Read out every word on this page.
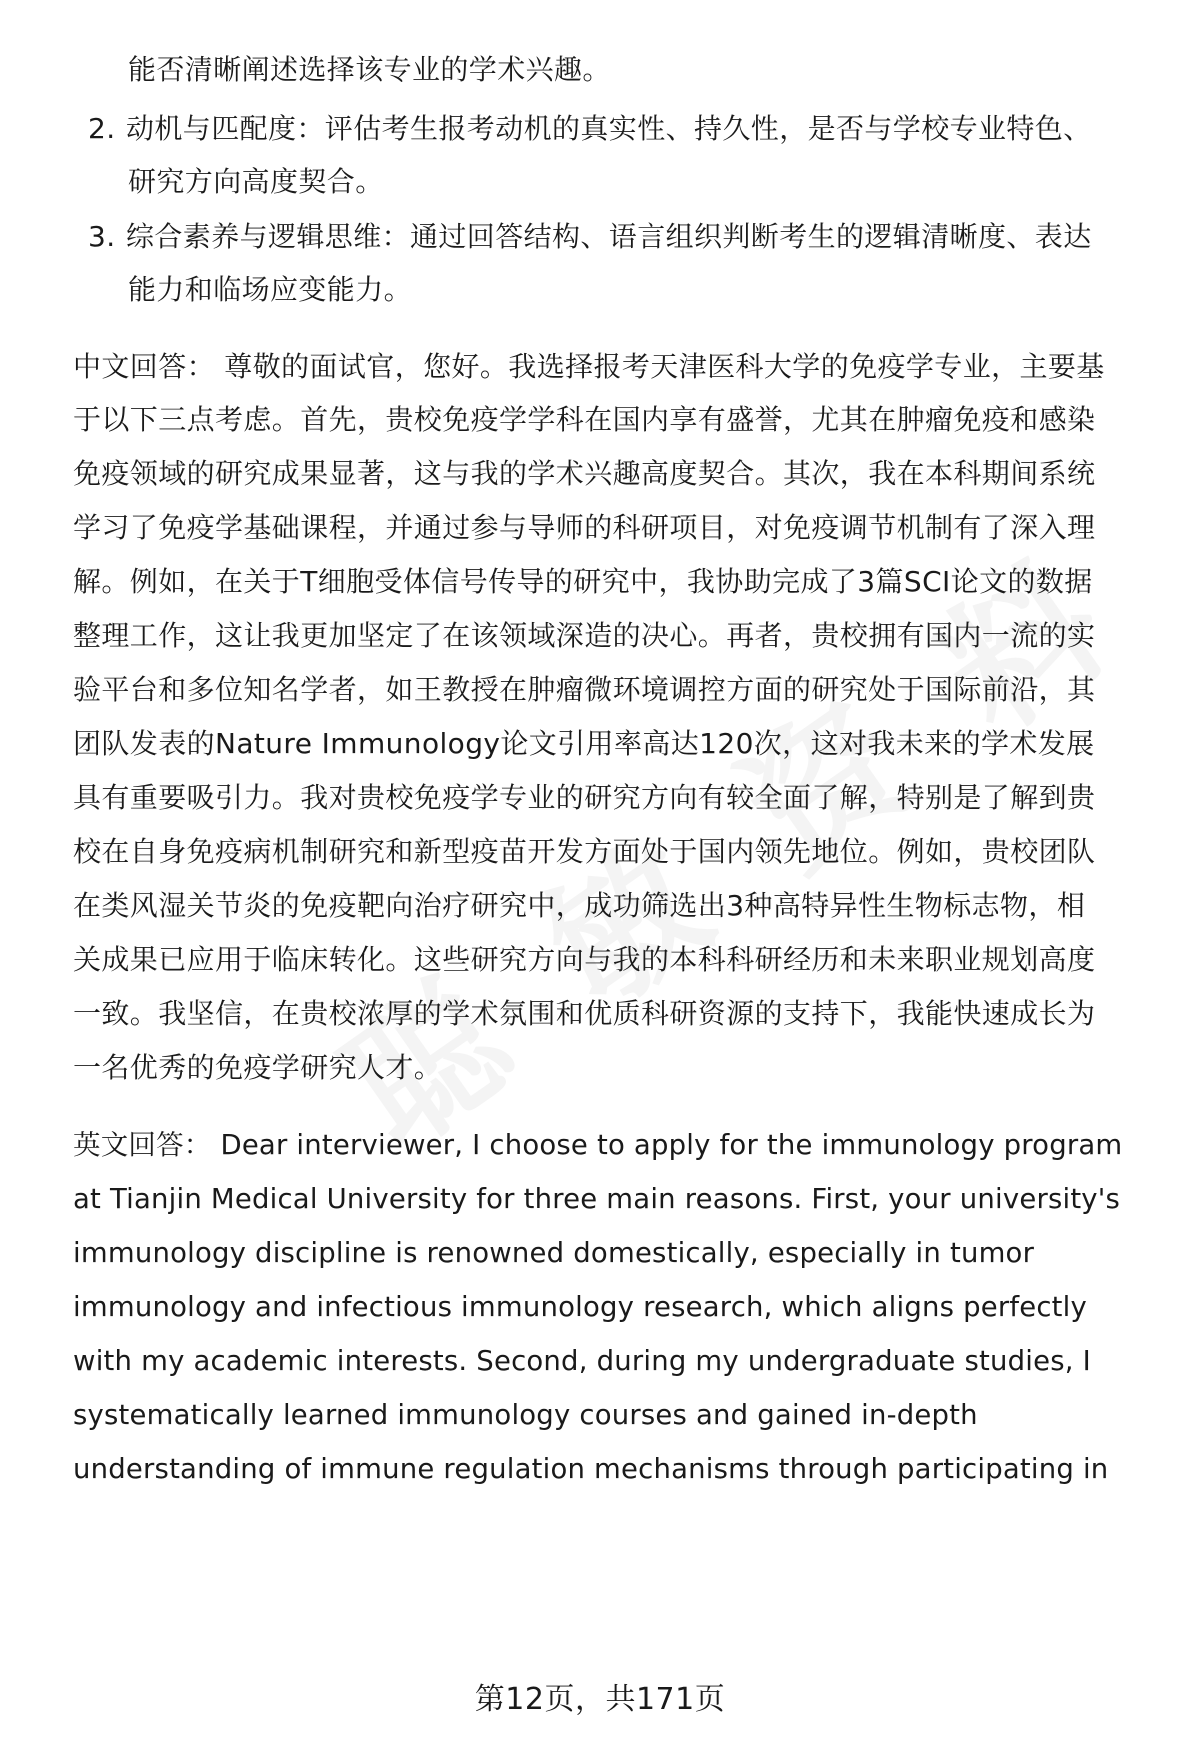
能否清晰阐述选择该专业的学术兴趣。
2. 动机与匹配度：评估考生报考动机的真实性、持久性，是否与学校专业特色、
研究方向高度契合。
3. 综合素养与逻辑思维：通过回答结构、语言组织判断考生的逻辑清晰度、表达
能力和临场应变能力。
中文回答： 尊敬的面试官，您好。我选择报考天津医科大学的免疫学专业，主要基
于以下三点考虑。首先，贵校免疫学学科在国内享有盛誉，尤其在肿瘤免疫和感染
免疫领域的研究成果显著，这与我的学术兴趣高度契合。其次，我在本科期间系统
学习了免疫学基础课程，并通过参与导师的科研项目，对免疫调节机制有了深入理
解。例如，在关于T细胞受体信号传导的研究中，我协助完成了3篇SCI论文的数据
整理工作，这让我更加坚定了在该领域深造的决心。再者，贵校拥有国内一流的实
验平台和多位知名学者，如王教授在肿瘤微环境调控方面的研究处于国际前沿，其
团队发表的Nature Immunology论文引用率高达120次，这对我未来的学术发展
具有重要吸引力。我对贵校免疫学专业的研究方向有较全面了解，特别是了解到贵
校在自身免疫病机制研究和新型疫苗开发方面处于国内领先地位。例如，贵校团队
在类风湿关节炎的免疫靶向治疗研究中，成功筛选出3种高特异性生物标志物，相
关成果已应用于临床转化。这些研究方向与我的本科科研经历和未来职业规划高度
一致。我坚信，在贵校浓厚的学术氛围和优质科研资源的支持下，我能快速成长为
一名优秀的免疫学研究人才。
英文回答： Dear interviewer, I choose to apply for the immunology program
at Tianjin Medical University for three main reasons. First, your university's
immunology discipline is renowned domestically, especially in tumor
immunology and infectious immunology research, which aligns perfectly
with my academic interests. Second, during my undergraduate studies, I
systematically learned immunology courses and gained in-depth
understanding of immune regulation mechanisms through participating in
第12页，共171页
